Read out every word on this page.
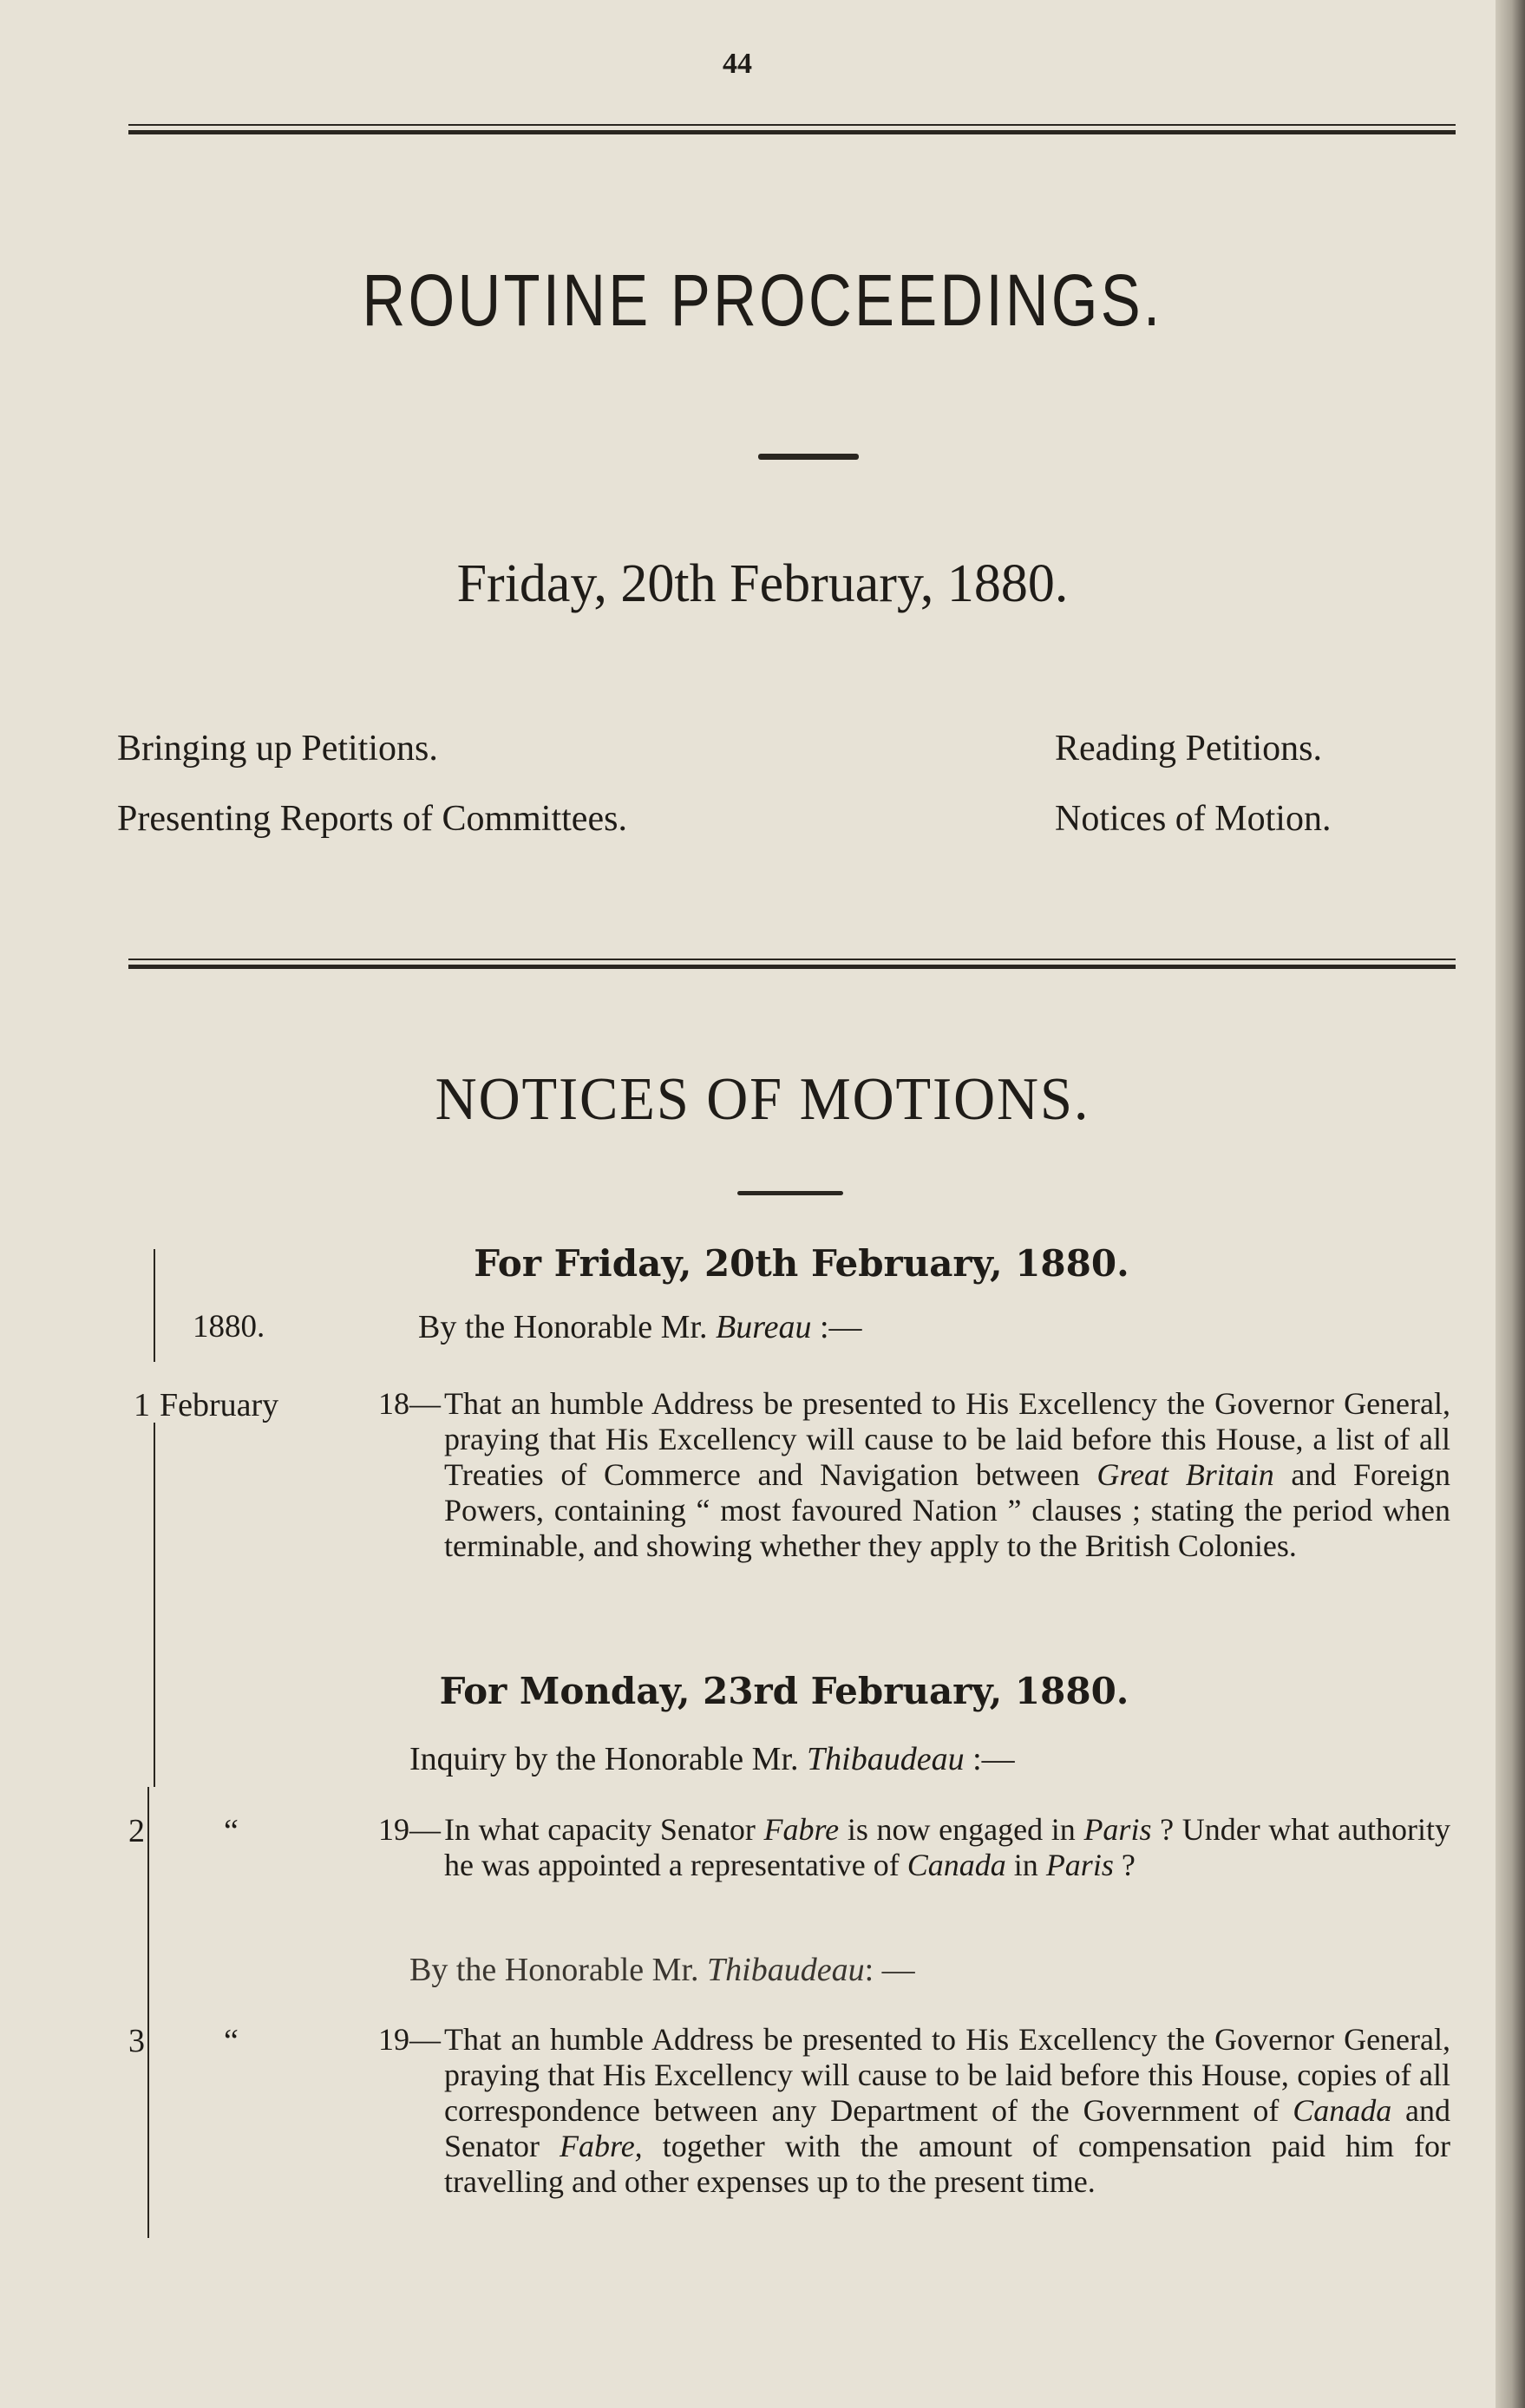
44
ROUTINE PROCEEDINGS.
Friday, 20th February, 1880.
Bringing up Petitions.
Presenting Reports of Committees.
Reading Petitions.
Notices of Motion.
NOTICES OF MOTIONS.
For Friday, 20th February, 1880.
1880.	By the Honorable Mr. Bureau :—
1 February	18— That an humble Address be presented to His Excellency the Governor General, praying that His Excellency will cause to be laid before this House, a list of all Treaties of Commerce and Navigation between Great Britain and Foreign Powers, containing “ most favoured Nation ” clauses ; stating the period when terminable, and showing whether they apply to the British Colonies.
For Monday, 23rd February, 1880.
Inquiry by the Honorable Mr. Thibaudeau :—
2 “	19— In what capacity Senator Fabre is now engaged in Paris ? Under what authority he was appointed a representative of Canada in Paris ?
By the Honorable Mr. Thibaudeau: —
3 “	19— That an humble Address be presented to His Excellency the Governor General, praying that His Excellency will cause to be laid before this House, copies of all correspondence between any Department of the Government of Canada and Senator Fabre, together with the amount of compensation paid him for travelling and other expenses up to the present time.
